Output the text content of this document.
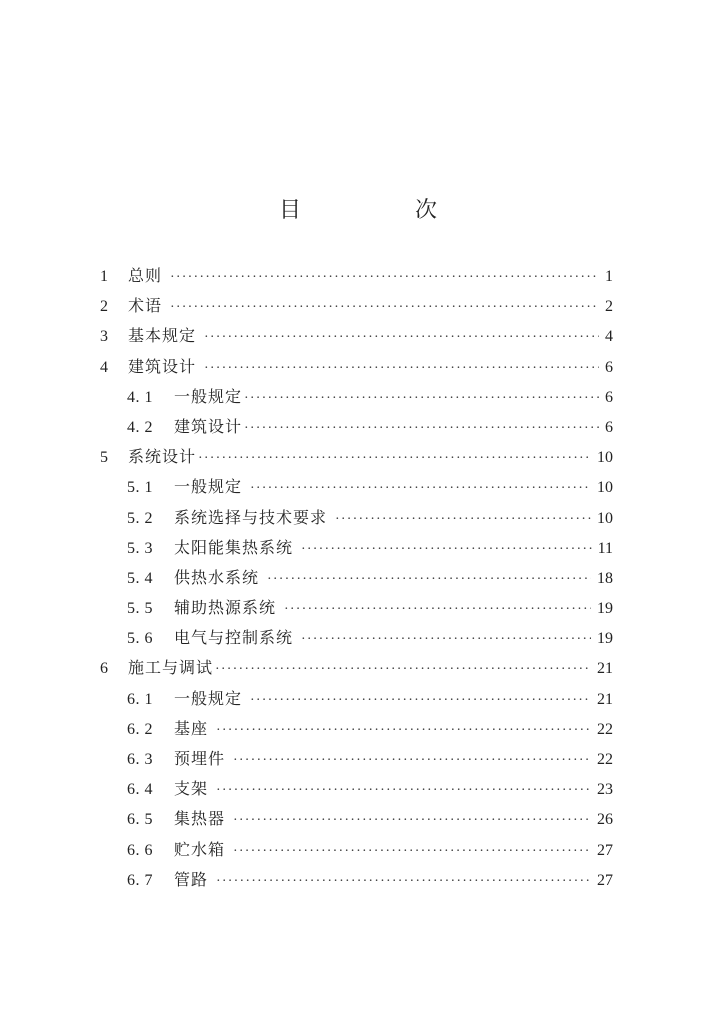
目　次
1	总则 ·····	1
2	术语 ·····	2
3	基本规定 ·····	4
4	建筑设计 ·····	6
4. 1	一般规定 ·····	6
4. 2	建筑设计 ·····	6
5	系统设计 ·····	10
5. 1	一般规定 ·····	10
5. 2	系统选择与技术要求 ·····	10
5. 3	太阳能集热系统 ·····	11
5. 4	供热水系统 ·····	18
5. 5	辅助热源系统 ·····	19
5. 6	电气与控制系统 ·····	19
6	施工与调试 ·····	21
6. 1	一般规定 ·····	21
6. 2	基座 ·····	22
6. 3	预埋件 ·····	22
6. 4	支架 ·····	23
6. 5	集热器 ·····	26
6. 6	贮水箱 ·····	27
6. 7	管路 ·····	27
